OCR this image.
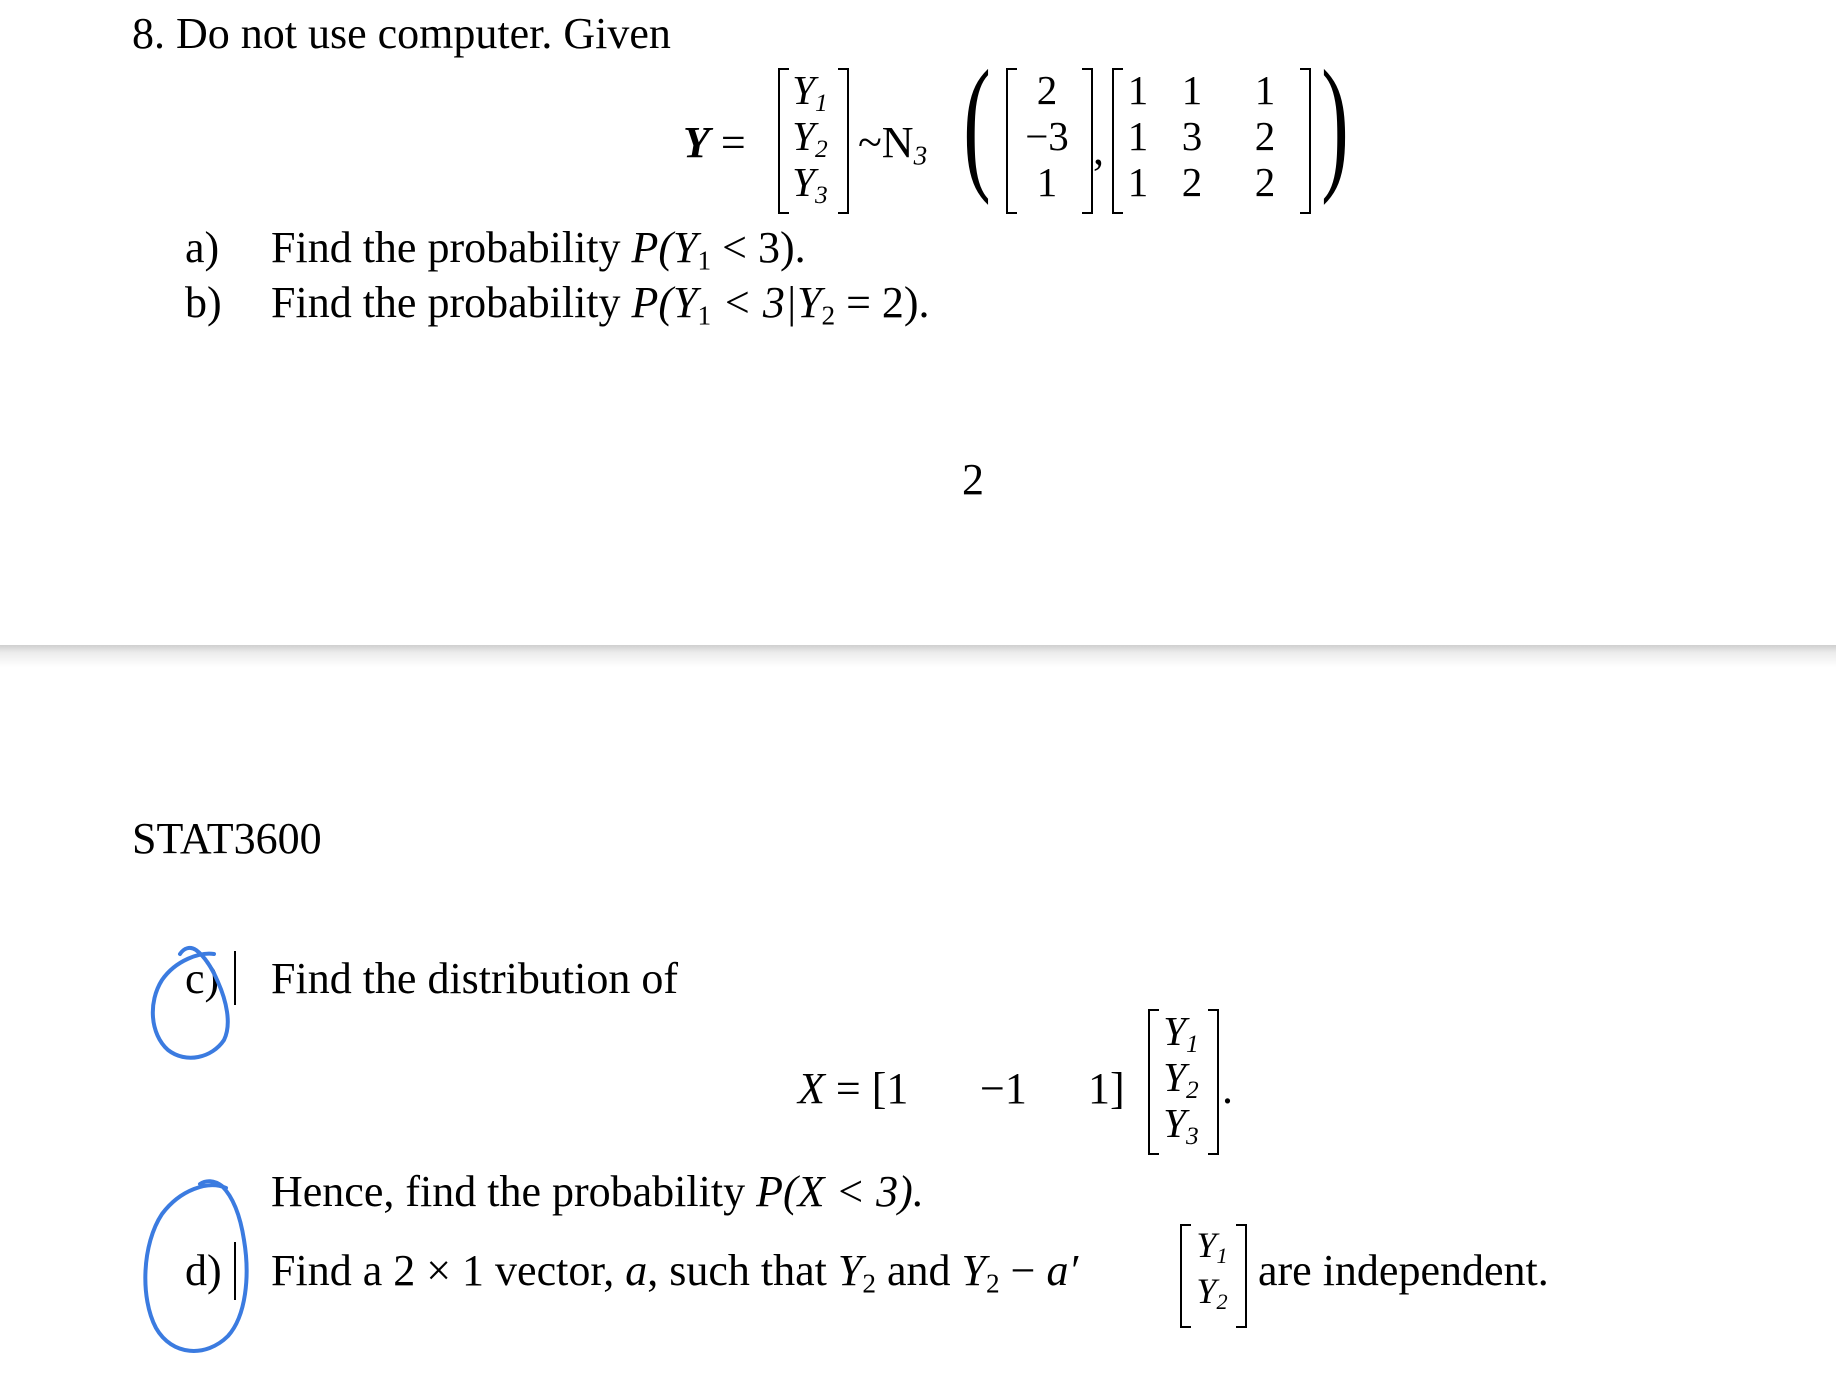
8. Do not use computer. Given
Y =
$Y_1$
$Y_2$
$Y_3$
$\sim N_3$ ( )
2
−3
1
,
1 1	1
1 3	2
1 2	2
a) Find the probability $P(Y_1 < 3)$.
b) Find the probability $P(Y_1 < 3|Y_2 = 2)$.
2
STAT3600
c) Find the distribution of
X = [1 −1 1]
$Y_1$
$Y_2$
$Y_3$
.
Hence, find the probability P(X < 3).
d) Find a 2 × 1 vector, a, such that $Y_2$ and $Y_2 - a'$
$Y_1$
$Y_2$
are independent.
